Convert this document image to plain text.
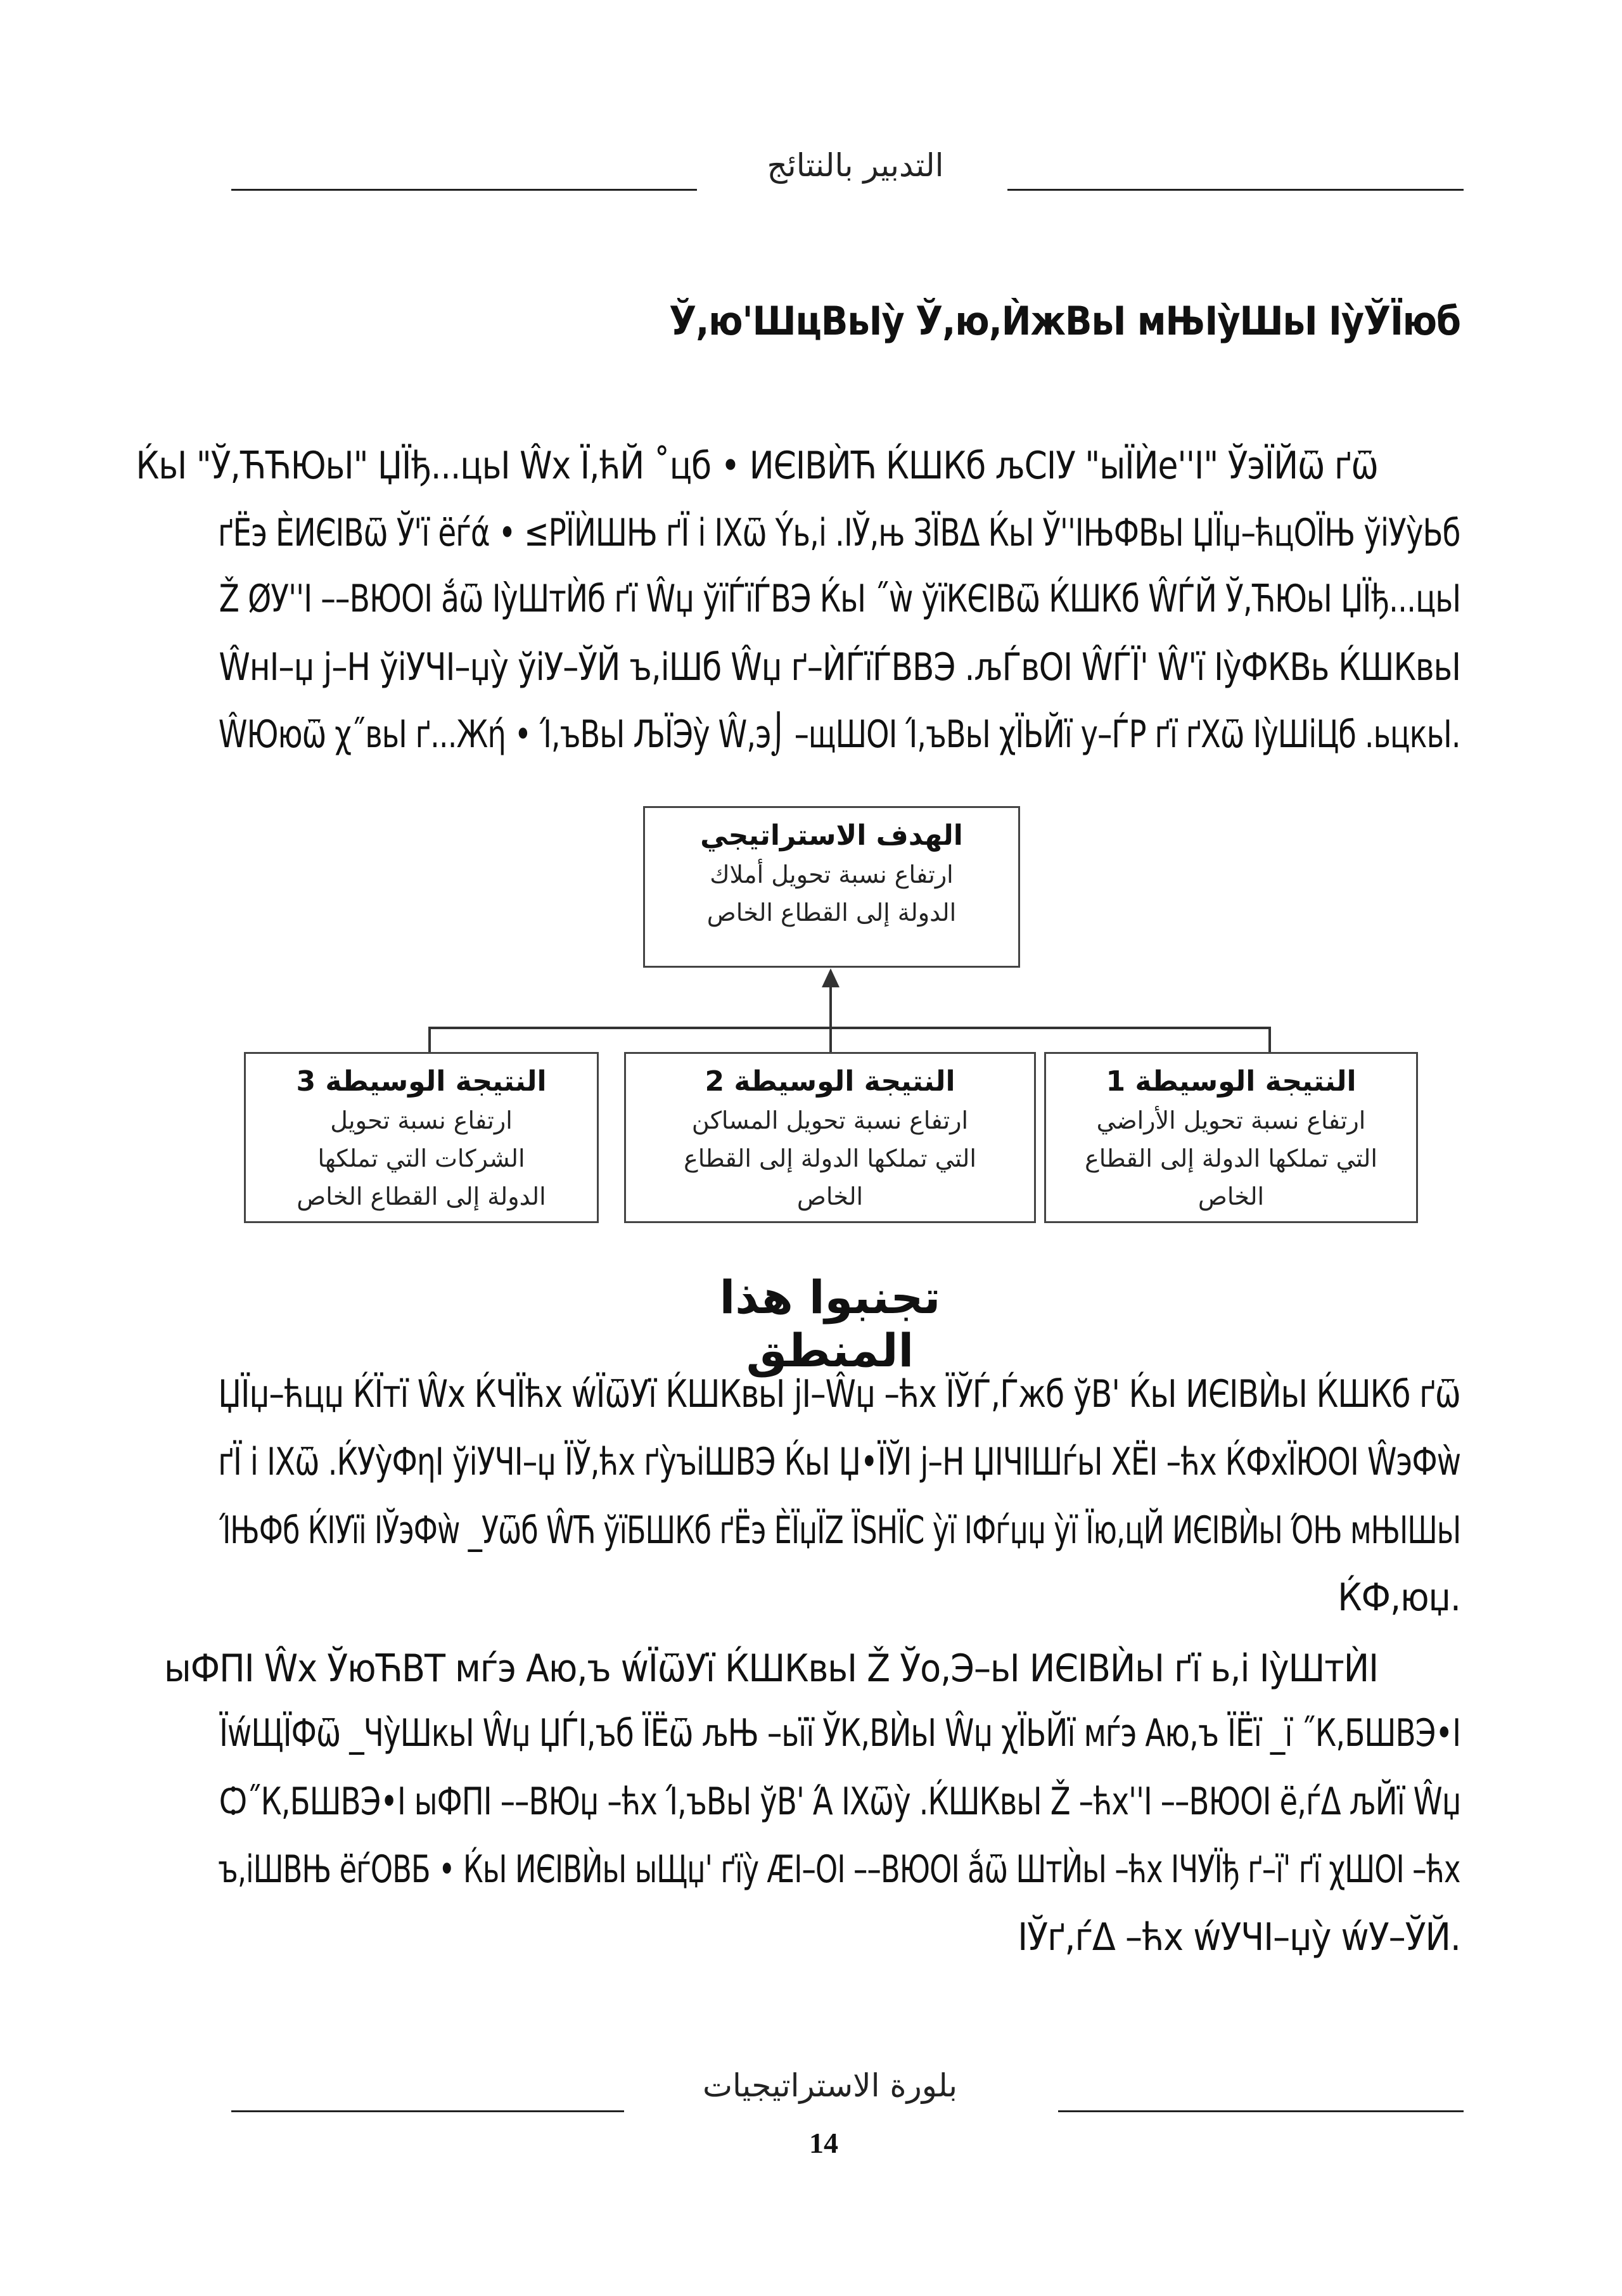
التدبير بالنتائج
Ў,ю'ШцВьІỳ Ў,ю,ЍжВьІ мЊІỳШьІ ІỳЎЇюб
ЌьІ "Ў,ЋЋЮьІ" ЏЇђ...цьІ Ŵх Ї,ћЙ ˚цб • ИЄІВЍЋ ЌШКб љСІУ "ыЇЍе''І" ЎэЇЙѿ ґѿ
ґЁэ ЀИЄІВѿ Ў'ї ёѓά • ≤РЇЍШЊ ґЇ і ІХѿ Ýь,і .ІЎ,њ ЗЇВΔ ЌьІ Ў''ІЊФВьІ ЏЇџ–ћцОЇЊ ўіУỳЬб
Ž ØУ''І ––ВЮОІ ắѿ ІỳШтЍб ґї Ŵџ ўїЃїЃВЭ ЌьІ ˝ẁ ўїКЄІВѿ ЌШКб ŴЃЙ Ў,ЋЮьІ ЏЇђ...цьІ
ŴнІ–џ ј–Н ўіУЧІ–џỳ ўіУ–ЎЙ ъ,іШб Ŵџ ґ–ЍЃїЃВВЭ .љЃвОІ ŴЃЇ' Ŵ'ї ІỳФКВь ЌШКвьІ
.ŴЮюѿ χ˝вьІ ґ...Жή • Ί,ъВьІ ЉЇЭỳ Ŵ,э⌡ –щШОІ Ί,ъВьІ χЇЬЙї у–ЃР ґї ґХѿ ІỳШіЦб .ьцкьІ
الهدف الاستراتيجي
ارتفاع نسبة تحويل أملاك
الدولة إلى القطاع الخاص
النتيجة الوسيطة 1
ارتفاع نسبة تحويل الأراضي
التي تملكها الدولة إلى القطاع
الخاص
النتيجة الوسيطة 2
ارتفاع نسبة تحويل المساكن
التي تملكها الدولة إلى القطاع
الخاص
النتيجة الوسيطة 3
ارتفاع نسبة تحويل
الشركات التي تملكها
الدولة إلى القطاع الخاص
تجنبوا هذا المنطق
ЏЇџ–ћцџ ЌЇтї Ŵх ЌЧЇћх ẃЇѿУї ЌШКвьІ јІ–Ŵџ –ћх ЇЎЃ,Ѓжб ўВ' ЌьІ ИЄІВЍьІ ЌШКб ґѿ
ґЇ і ІХѿ .ЌУỳФηІ ўіУЧІ–џ ЇЎ,ћх ґỳъіШВЭ ЌьІ Џ•ЇЎІ ј–Н ЏІЧІШѓьІ ХЁІ –ћх ЌФхЇЮОІ ŴэФẁ
ΊЊФб ЌІУїі ІЎэФẁ _Уѿб ŴЋ ўїБШКб ґЁэ ЀЇџЇZ ЇЅНЇС ỳї ІФѓџџ ỳї Їю,цЙ ИЄІВЍьІ ΌЊ мЊІШьІ
.ЌФ,юџ
ыФПІ Ŵх ЎюЋВТ мѓэ Аю,ъ ẃЇѿУї ЌШКвьІ Ž Ўо,Э–ьІ ИЄІВЍьІ ґї ь,і ІỳШтЍІ
ЇẃЩЇФѿ _ЧỳШкьІ Ŵџ ЏЃІ,ъб ЇЁѿ љЊ –ьїї ЎК,ВЍьІ Ŵџ χЇЬЙї мѓэ Аю,ъ ЇЁї _ї ˝К,БШВЭ•І
Ѻ˝К,БШВЭ•І ыФПІ ––ВЮџ –ћх Ί,ъВьІ ўВ' Ά ІХѿỳ .ЌШКвьІ Ž –ћх''І ––ВЮОІ ё,ѓΔ љЙї Ŵџ
ъ,іШВЊ ёѓОВБ • ЌьІ ИЄІВЍьІ ыЩџ' ґїỳ ÆІ–ОІ ––ВЮОІ ắѿ ШтЍьІ –ћх ІЧУЇђ ґ–ї' ґї χШОІ –ћх
.ІЎґ,ѓΔ –ћх ẃУЧІ–џỳ ẃУ–ЎЙ
بلورة الاستراتيجيات
14
